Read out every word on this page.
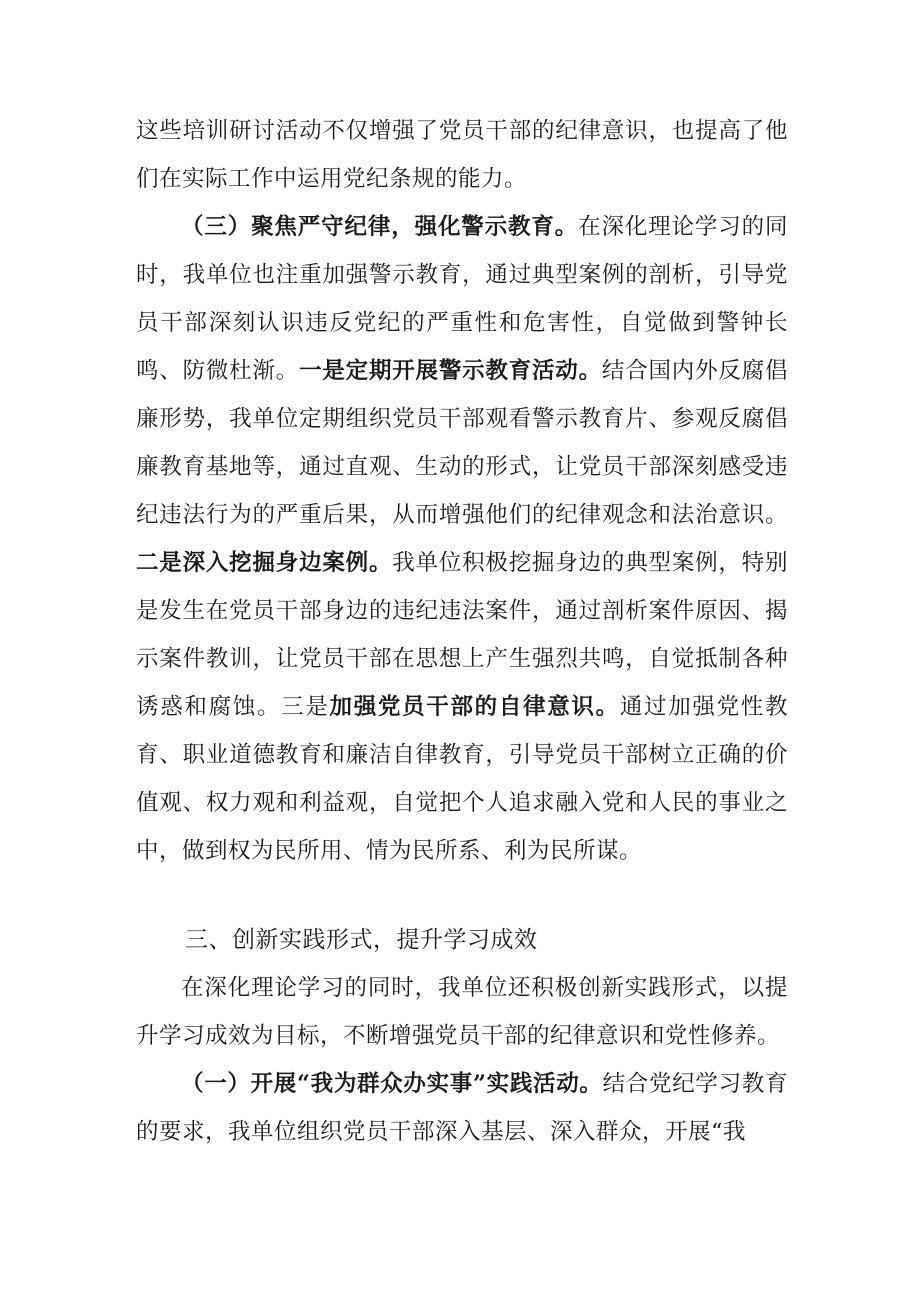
这些培训研讨活动不仅增强了党员干部的纪律意识，也提高了他们在实际工作中运用党纪条规的能力。

（三）聚焦严守纪律，强化警示教育。在深化理论学习的同时，我单位也注重加强警示教育，通过典型案例的剖析，引导党员干部深刻认识违反党纪的严重性和危害性，自觉做到警钟长鸣、防微杜渐。一是定期开展警示教育活动。结合国内外反腐倡廉形势，我单位定期组织党员干部观看警示教育片、参观反腐倡廉教育基地等，通过直观、生动的形式，让党员干部深刻感受违纪违法行为的严重后果，从而增强他们的纪律观念和法治意识。二是深入挖掘身边案例。我单位积极挖掘身边的典型案例，特别是发生在党员干部身边的违纪违法案件，通过剖析案件原因、揭示案件教训，让党员干部在思想上产生强烈共鸣，自觉抵制各种诱惑和腐蚀。三是加强党员干部的自律意识。通过加强党性教育、职业道德教育和廉洁自律教育，引导党员干部树立正确的价值观、权力观和利益观，自觉把个人追求融入党和人民的事业之中，做到权为民所用、情为民所系、利为民所谋。

三、创新实践形式，提升学习成效

在深化理论学习的同时，我单位还积极创新实践形式，以提升学习成效为目标，不断增强党员干部的纪律意识和党性修养。

（一）开展“我为群众办实事”实践活动。结合党纪学习教育的要求，我单位组织党员干部深入基层、深入群众，开展“我
